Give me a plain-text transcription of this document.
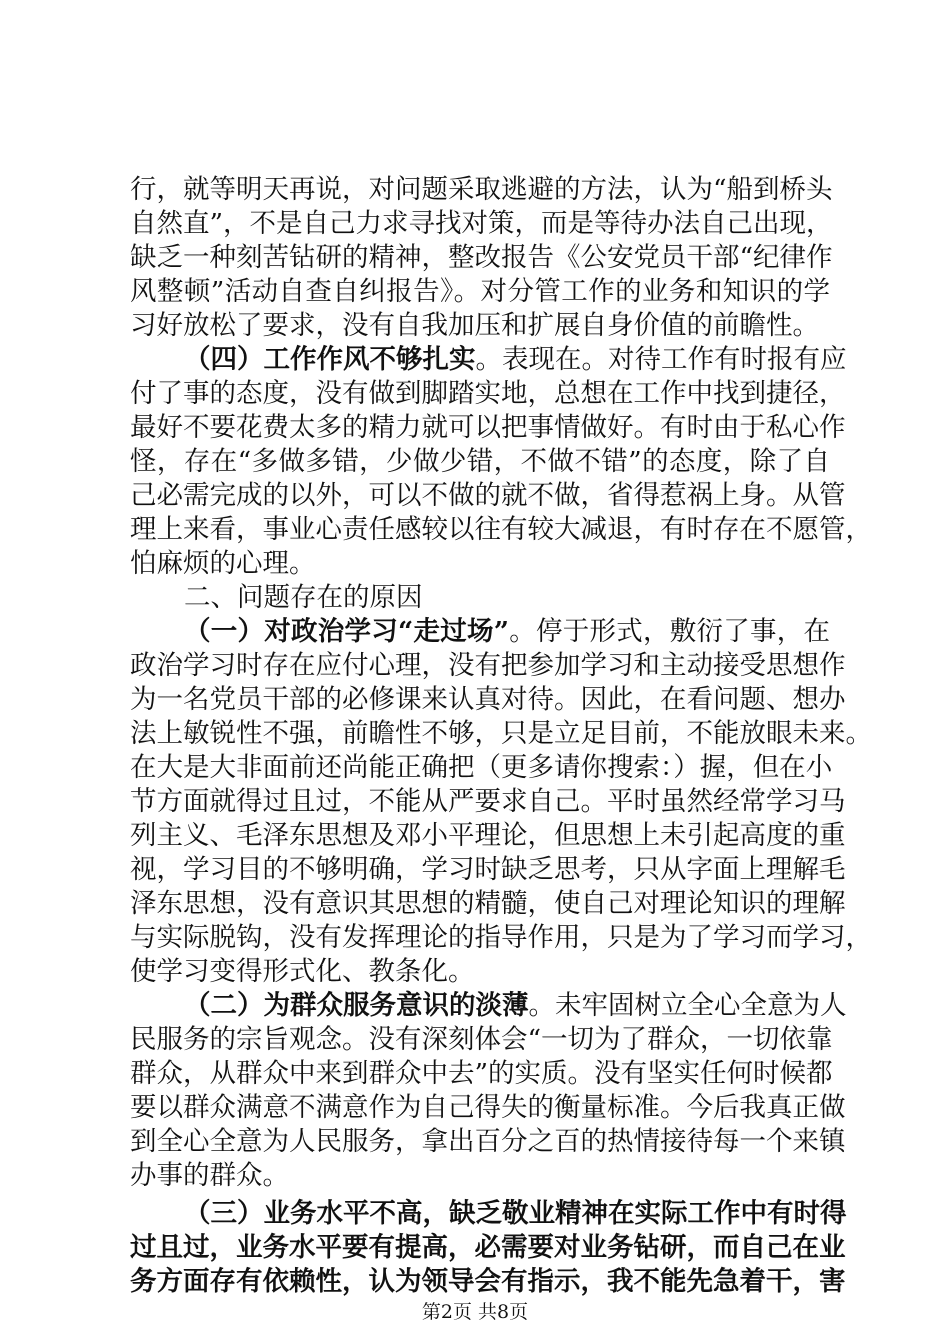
行，就等明天再说，对问题采取逃避的方法，认为“船到桥头
自然直”，不是自己力求寻找对策，而是等待办法自己出现，
缺乏一种刻苦钻研的精神，整改报告《公安党员干部“纪律作
风整顿”活动自查自纠报告》。对分管工作的业务和知识的学
习好放松了要求，没有自我加压和扩展自身价值的前瞻性。
（四）工作作风不够扎实。表现在。对待工作有时报有应
付了事的态度，没有做到脚踏实地，总想在工作中找到捷径，
最好不要花费太多的精力就可以把事情做好。有时由于私心作
怪，存在“多做多错，少做少错，不做不错”的态度，除了自
己必需完成的以外，可以不做的就不做，省得惹祸上身。从管
理上来看，事业心责任感较以往有较大减退，有时存在不愿管，
怕麻烦的心理。
二、问题存在的原因
（一）对政治学习“走过场”。停于形式，敷衍了事，在
政治学习时存在应付心理，没有把参加学习和主动接受思想作
为一名党员干部的必修课来认真对待。因此，在看问题、想办
法上敏锐性不强，前瞻性不够，只是立足目前，不能放眼未来。
在大是大非面前还尚能正确把（更多请你搜索：）握，但在小
节方面就得过且过，不能从严要求自己。平时虽然经常学习马
列主义、毛泽东思想及邓小平理论，但思想上未引起高度的重
视，学习目的不够明确，学习时缺乏思考，只从字面上理解毛
泽东思想，没有意识其思想的精髓，使自己对理论知识的理解
与实际脱钩，没有发挥理论的指导作用，只是为了学习而学习，
使学习变得形式化、教条化。
（二）为群众服务意识的淡薄。未牢固树立全心全意为人
民服务的宗旨观念。没有深刻体会“一切为了群众，一切依靠
群众，从群众中来到群众中去”的实质。没有坚实任何时候都
要以群众满意不满意作为自己得失的衡量标准。今后我真正做
到全心全意为人民服务，拿出百分之百的热情接待每一个来镇
办事的群众。
（三）业务水平不高，缺乏敬业精神在实际工作中有时得
过且过，业务水平要有提高，必需要对业务钻研，而自己在业
务方面存有依赖性，认为领导会有指示，我不能先急着干，害
第2页 共8页
